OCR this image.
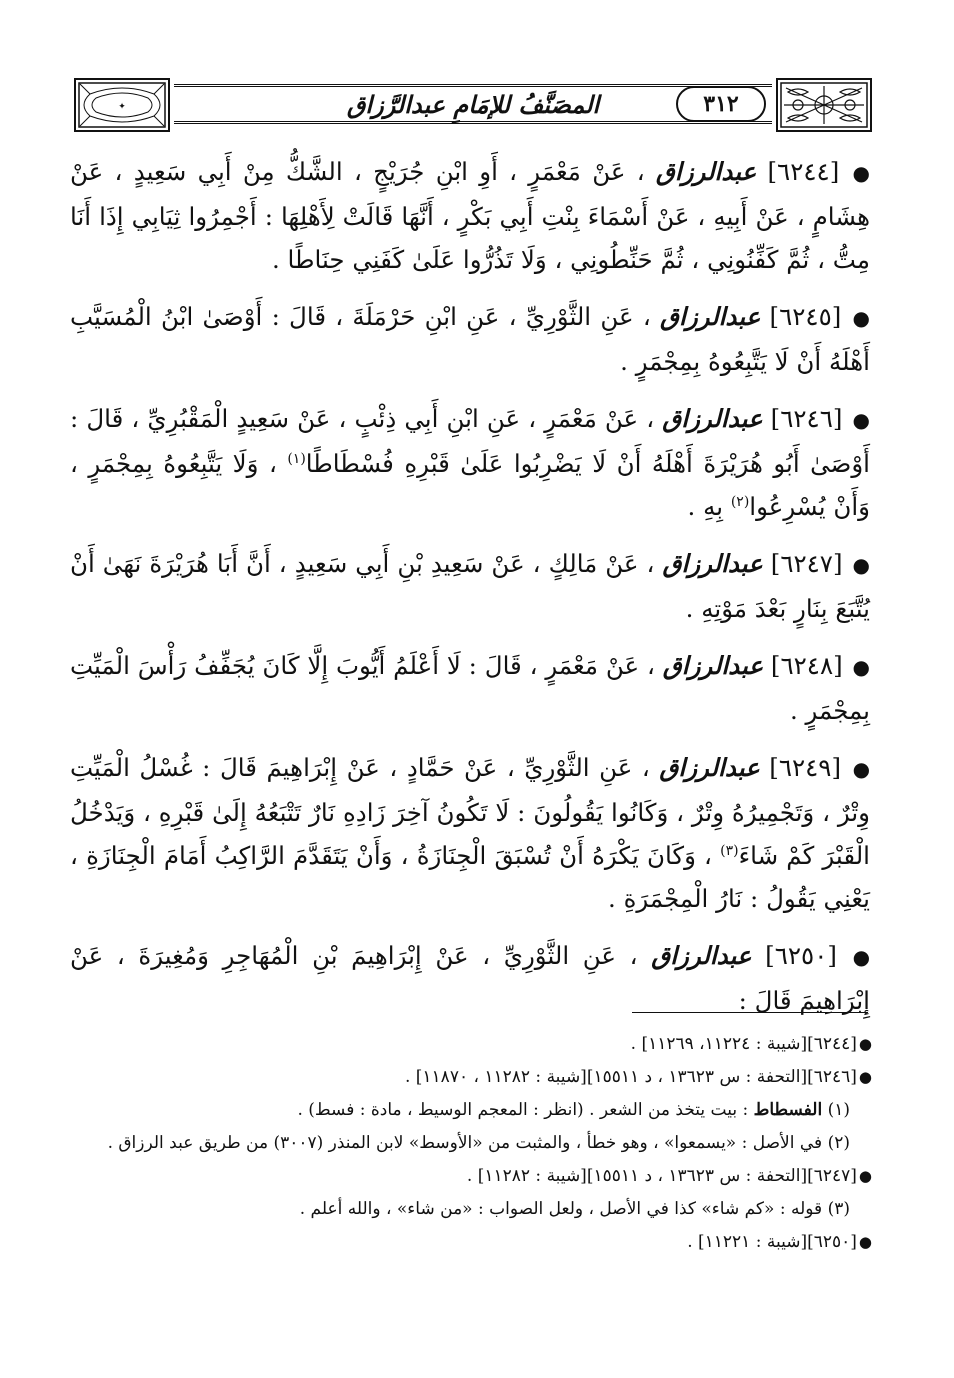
٣١٢
المصَنَّفُ للإمَامِ عبدالرَّزاق
✦

● [٦٢٤٤] عبدالرزاق ، عَنْ مَعْمَرٍ ، أَوِ ابْنِ جُرَيْجٍ ، الشَّكُّ مِنْ أَبِي سَعِيدٍ ، عَنْ هِشَامٍ ، عَنْ أَبِيهِ ، عَنْ أَسْمَاءَ بِنْتِ أَبِي بَكْرٍ ، أَنَّهَا قَالَتْ لِأَهْلِهَا : أَجْمِرُوا ثِيَابِي إِذَا أَنَا مِتُّ ، ثُمَّ كَفِّنُونِي ، ثُمَّ حَنِّطُونِي ، وَلَا تَذُرُّوا عَلَىٰ كَفَنِي حِنَاطًا .

● [٦٢٤٥] عبدالرزاق ، عَنِ الثَّوْرِيِّ ، عَنِ ابْنِ حَرْمَلَةَ ، قَالَ : أَوْصَىٰ ابْنُ الْمُسَيَّبِ أَهْلَهُ أَنْ لَا يَتَّبِعُوهُ بِمِجْمَرٍ .

● [٦٢٤٦] عبدالرزاق ، عَنْ مَعْمَرٍ ، عَنِ ابْنِ أَبِي ذِئْبٍ ، عَنْ سَعِيدٍ الْمَقْبُرِيِّ ، قَالَ : أَوْصَىٰ أَبُو هُرَيْرَةَ أَهْلَهُ أَنْ لَا يَضْرِبُوا عَلَىٰ قَبْرِهِ فُسْطَاطًا$^{(١)}$ ، وَلَا يَتَّبِعُوهُ بِمِجْمَرٍ ، وَأَنْ يُسْرِعُوا$^{(٢)}$ بِهِ .

● [٦٢٤٧] عبدالرزاق ، عَنْ مَالِكٍ ، عَنْ سَعِيدِ بْنِ أَبِي سَعِيدٍ ، أَنَّ أَبَا هُرَيْرَةَ نَهَىٰ أَنْ يُتَّبَعَ بِنَارٍ بَعْدَ مَوْتِهِ .

● [٦٢٤٨] عبدالرزاق ، عَنْ مَعْمَرٍ ، قَالَ : لَا أَعْلَمُ أَيُّوبَ إِلَّا كَانَ يُجَفِّفُ رَأْسَ الْمَيِّتِ بِمِجْمَرٍ .

● [٦٢٤٩] عبدالرزاق ، عَنِ الثَّوْرِيِّ ، عَنْ حَمَّادٍ ، عَنْ إِبْرَاهِيمَ قَالَ : غُسْلُ الْمَيِّتِ وِتْرٌ ، وَتَجْمِيرُهُ وِتْرٌ ، وَكَانُوا يَقُولُونَ : لَا تَكُونُ آخِرَ زَادِهِ نَارٌ تَتْبَعُهُ إِلَىٰ قَبْرِهِ ، وَيَدْخُلُ الْقَبْرَ كَمْ شَاءَ$^{(٣)}$ ، وَكَانَ يَكْرَهُ أَنْ تُسْبَقَ الْجِنَازَةُ ، وَأَنْ يَتَقَدَّمَ الرَّاكِبُ أَمَامَ الْجِنَازَةِ ، يَعْنِي يَقُولُ : نَارُ الْمِجْمَرَةِ .

● [٦٢٥٠] عبدالرزاق ، عَنِ الثَّوْرِيِّ ، عَنْ إِبْرَاهِيمَ بْنِ الْمُهَاجِرِ وَمُغِيرَةَ ، عَنْ إِبْرَاهِيمَ قَالَ :

●[٦٢٤٤][شيبة : ١١٢٢٤، ١١٢٦٩] .

●[٦٢٤٦][التحفة : س ١٣٦٢٣ ، د ١٥٥١١][شيبة : ١١٢٨٢ ، ١١٨٧٠] .

(١) الفسطاط : بيت يتخذ من الشعر . (انظر : المعجم الوسيط ، مادة : فسط) .

(٢) في الأصل : «يسمعوا» ، وهو خطأ ، والمثبت من «الأوسط» لابن المنذر (٣٠٠٧) من طريق عبد الرزاق .

●[٦٢٤٧][التحفة : س ١٣٦٢٣ ، د ١٥٥١١][شيبة : ١١٢٨٢] .

(٣) قوله : «كم شاء» كذا في الأصل ، ولعل الصواب : «من شاء» ، والله أعلم .

●[٦٢٥٠][شيبة : ١١٢٢١] .
